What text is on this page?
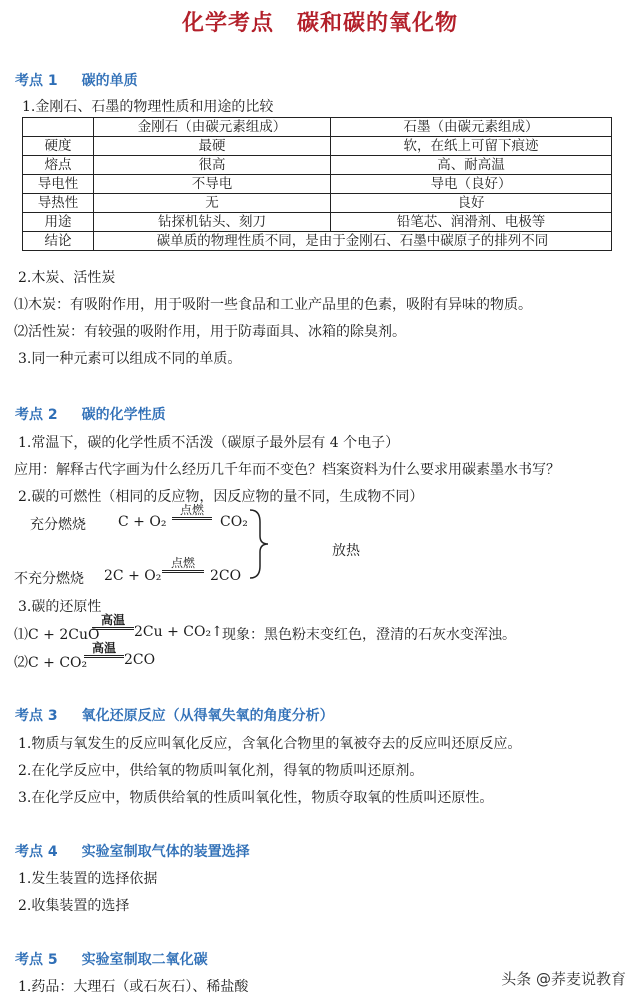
化学考点　碳和碳的氧化物
考点 1 碳的单质
1.金刚石、石墨的物理性质和用途的比较
	金刚石（由碳元素组成）	石墨（由碳元素组成）
硬度	最硬	软，在纸上可留下痕迹
熔点	很高	高、耐高温
导电性	不导电	导电（良好）
导热性	无	良好
用途	钻探机钻头、刻刀	铅笔芯、润滑剂、电极等
结论	碳单质的物理性质不同，是由于金刚石、石墨中碳原子的排列不同	
2.木炭、活性炭
⑴木炭：有吸附作用，用于吸附一些食品和工业产品里的色素，吸附有异味的物质。
⑵活性炭：有较强的吸附作用，用于防毒面具、冰箱的除臭剂。
3.同一种元素可以组成不同的单质。
考点 2 碳的化学性质
1.常温下，碳的化学性质不活泼（碳原子最外层有 4 个电子）
应用：解释古代字画为什么经历几千年而不变色？档案资料为什么要求用碳素墨水书写？
2.碳的可燃性（相同的反应物，因反应物的量不同，生成物不同）
充分燃烧 C + O₂
点燃
CO₂
放热
不充分燃烧 2C + O₂
点燃
2CO
3.碳的还原性
⑴C + 2CuO
高温
2Cu + CO₂↑ 现象：黑色粉末变红色，澄清的石灰水变浑浊。
⑵C + CO₂
高温
2CO
考点 3 氧化还原反应（从得氧失氧的角度分析）
1.物质与氧发生的反应叫氧化反应，含氧化合物里的氧被夺去的反应叫还原反应。
2.在化学反应中，供给氧的物质叫氧化剂，得氧的物质叫还原剂。
3.在化学反应中，物质供给氧的性质叫氧化性，物质夺取氧的性质叫还原性。
考点 4 实验室制取气体的装置选择
1.发生装置的选择依据
2.收集装置的选择
考点 5 实验室制取二氧化碳
1.药品：大理石（或石灰石）、稀盐酸	头条 @荞麦说教育
